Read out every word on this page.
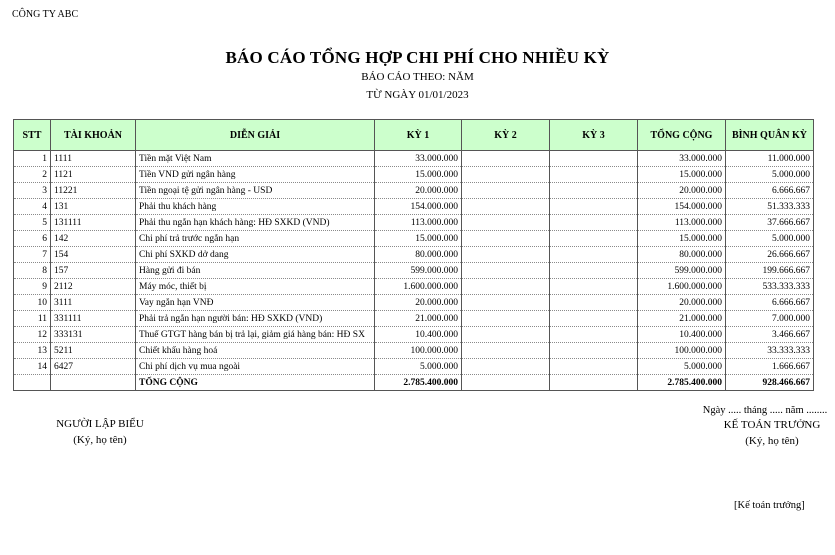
CÔNG TY ABC
BÁO CÁO TỔNG HỢP CHI PHÍ CHO NHIỀU KỲ
BÁO CÁO THEO: NĂM
TỪ NGÀY 01/01/2023
STT	TÀI KHOẢN	DIỄN GIẢI	KỲ 1	KỲ 2	KỲ 3	TỔNG CỘNG	BÌNH QUÂN KỲ
1	1111	Tiền mặt Việt Nam	33.000.000			33.000.000	11.000.000
2	1121	Tiền VND gửi ngân hàng	15.000.000			15.000.000	5.000.000
3	11221	Tiền ngoại tệ gửi ngân hàng - USD	20.000.000			20.000.000	6.666.667
4	131	Phải thu khách hàng	154.000.000			154.000.000	51.333.333
5	131111	Phải thu ngắn hạn khách hàng: HĐ SXKD (VND)	113.000.000			113.000.000	37.666.667
6	142	Chi phí trả trước ngắn hạn	15.000.000			15.000.000	5.000.000
7	154	Chi phí SXKD dở dang	80.000.000			80.000.000	26.666.667
8	157	Hàng gửi đi bán	599.000.000			599.000.000	199.666.667
9	2112	Máy móc, thiết bị	1.600.000.000			1.600.000.000	533.333.333
10	3111	Vay ngắn hạn VNĐ	20.000.000			20.000.000	6.666.667
11	331111	Phải trả ngắn hạn người bán: HĐ SXKD (VND)	21.000.000			21.000.000	7.000.000
12	333131	Thuế GTGT hàng bán bị trả lại, giảm giá hàng bán: HĐ SX	10.400.000			10.400.000	3.466.667
13	5211	Chiết khấu hàng hoá	100.000.000			100.000.000	33.333.333
14	6427	Chi phí dịch vụ mua ngoài	5.000.000			5.000.000	1.666.667
		TỔNG CỘNG	2.785.400.000			2.785.400.000	928.466.667
NGƯỜI LẬP BIỂU
(Ký, họ tên)
Ngày ..... tháng ..... năm ........
KẾ TOÁN TRƯỞNG
(Ký, họ tên)
[Kế toán trưởng]
